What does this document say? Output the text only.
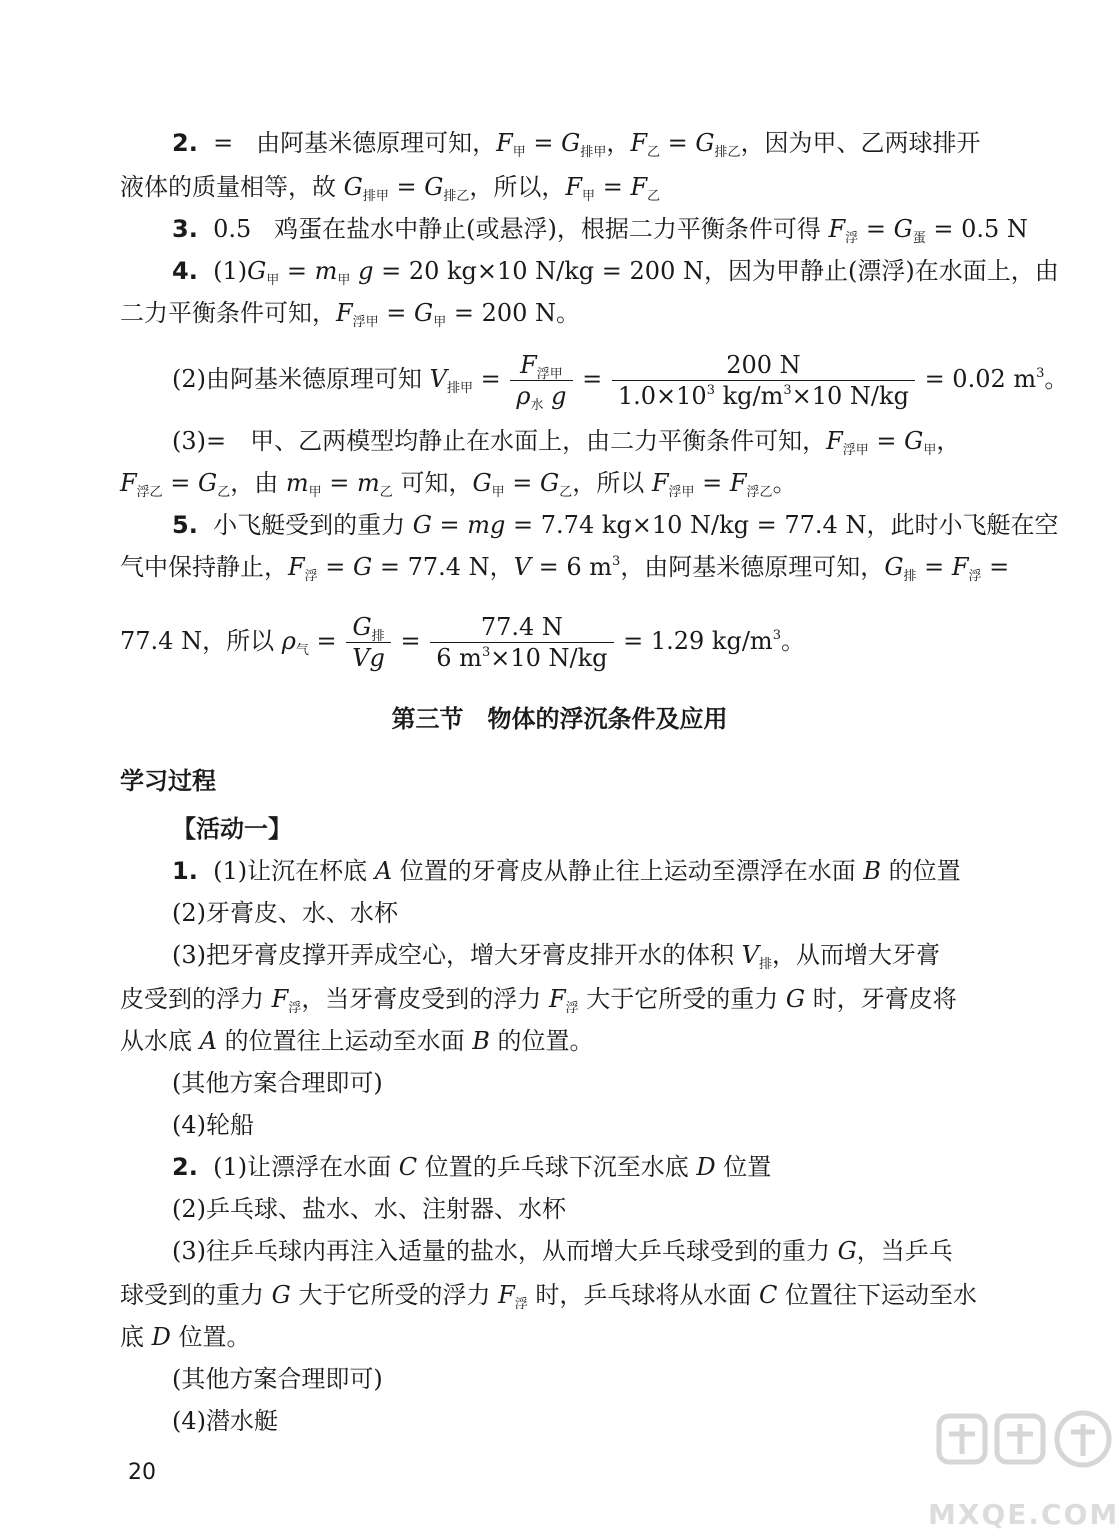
2. = 由阿基米德原理可知，$F_甲 = G_{排甲}$，$F_乙 = G_{排乙}$，因为甲、乙两球排开
液体的质量相等，故 $G_{排甲} = G_{排乙}$，所以，$F_甲 = F_乙$
3. 0.5 鸡蛋在盐水中静止(或悬浮)，根据二力平衡条件可得 $F_浮 = G_蛋 = 0.5$ N
4. $(1)G_甲 = m_甲$ g = 20 kg×10 N/kg = 200 N，因为甲静止(漂浮)在水面上，由
二力平衡条件可知，$F_{浮甲} = G_甲 = 200$ N。
(2)由阿基米德原理可知 $V_{排甲} = \frac{F_{浮甲}}{\rho_水 g} = \frac{200 N}{1.0\times 10^3 kg/m^3\times 10 N/kg} = 0.02$ $m^3$。
(3)=　甲、乙两模型均静止在水面上，由二力平衡条件可知，$F_{浮甲} = G_甲$，
$F_{浮乙} = G_乙$，由 $m_甲 = m_乙$ 可知，$G_甲 = G_乙$，所以 $F_{浮甲} = F_{浮乙}$。
5. 小飞艇受到的重力 G = mg = 7.74 kg×10 N/kg = 77.4 N，此时小飞艇在空
气中保持静止，$F_浮 = G = 77.4$ N，V = 6 $m^3$，由阿基米德原理可知，$G_排 = F_浮$ =
77.4 N，所以 $\rho_气 = \frac{G_排}{Vg} = \frac{77.4 N}{6 m^3\times 10 N/kg} = 1.29$ $kg/m^3$。
第三节　物体的浮沉条件及应用
学习过程
【活动一】
1. (1)让沉在杯底 A 位置的牙膏皮从静止往上运动至漂浮在水面 B 的位置
(2)牙膏皮、水、水杯
(3)把牙膏皮撑开弄成空心，增大牙膏皮排开水的体积 $V_排$，从而增大牙膏
皮受到的浮力 $F_浮$，当牙膏皮受到的浮力 $F_浮$ 大于它所受的重力 G 时，牙膏皮将
从水底 A 的位置往上运动至水面 B 的位置。
(其他方案合理即可)
(4)轮船
2. (1)让漂浮在水面 C 位置的乒乓球下沉至水底 D 位置
(2)乒乓球、盐水、水、注射器、水杯
(3)往乒乓球内再注入适量的盐水，从而增大乒乓球受到的重力 G，当乒乓
球受到的重力 G 大于它所受的浮力 $F_浮$ 时，乒乓球将从水面 C 位置往下运动至水
底 D 位置。
(其他方案合理即可)
(4)潜水艇
20
MXQE.COM
